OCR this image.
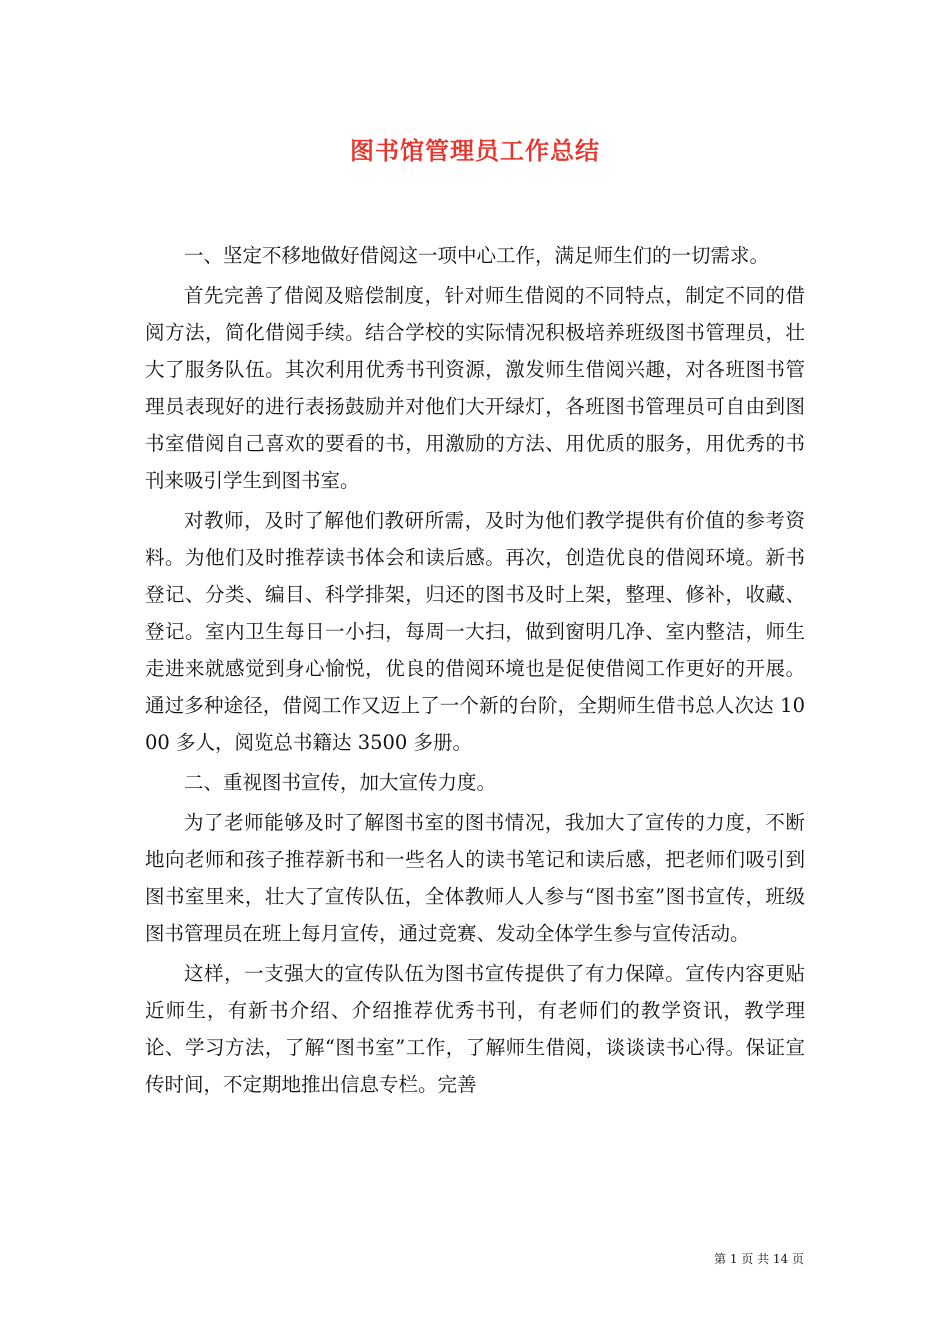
图书馆管理员工作总结

一、坚定不移地做好借阅这一项中心工作，满足师生们的一切需求。

首先完善了借阅及赔偿制度，针对师生借阅的不同特点，制定不同的借阅方法，简化借阅手续。结合学校的实际情况积极培养班级图书管理员，壮大了服务队伍。其次利用优秀书刊资源，激发师生借阅兴趣，对各班图书管理员表现好的进行表扬鼓励并对他们大开绿灯，各班图书管理员可自由到图书室借阅自己喜欢的要看的书，用激励的方法、用优质的服务，用优秀的书刊来吸引学生到图书室。

对教师，及时了解他们教研所需，及时为他们教学提供有价值的参考资料。为他们及时推荐读书体会和读后感。再次，创造优良的借阅环境。新书登记、分类、编目、科学排架，归还的图书及时上架，整理、修补，收藏、登记。室内卫生每日一小扫，每周一大扫，做到窗明几净、室内整洁，师生走进来就感觉到身心愉悦，优良的借阅环境也是促使借阅工作更好的开展。通过多种途径，借阅工作又迈上了一个新的台阶，全期师生借书总人次达 1000 多人，阅览总书籍达 3500 多册。

二、重视图书宣传，加大宣传力度。

为了老师能够及时了解图书室的图书情况，我加大了宣传的力度，不断地向老师和孩子推荐新书和一些名人的读书笔记和读后感，把老师们吸引到图书室里来，壮大了宣传队伍，全体教师人人参与“图书室”图书宣传，班级图书管理员在班上每月宣传，通过竞赛、发动全体学生参与宣传活动。

这样，一支强大的宣传队伍为图书宣传提供了有力保障。宣传内容更贴近师生，有新书介绍、介绍推荐优秀书刊，有老师们的教学资讯，教学理论、学习方法，了解“图书室”工作，了解师生借阅，谈谈读书心得。保证宣传时间，不定期地推出信息专栏。完善

第 1 页 共 14 页
